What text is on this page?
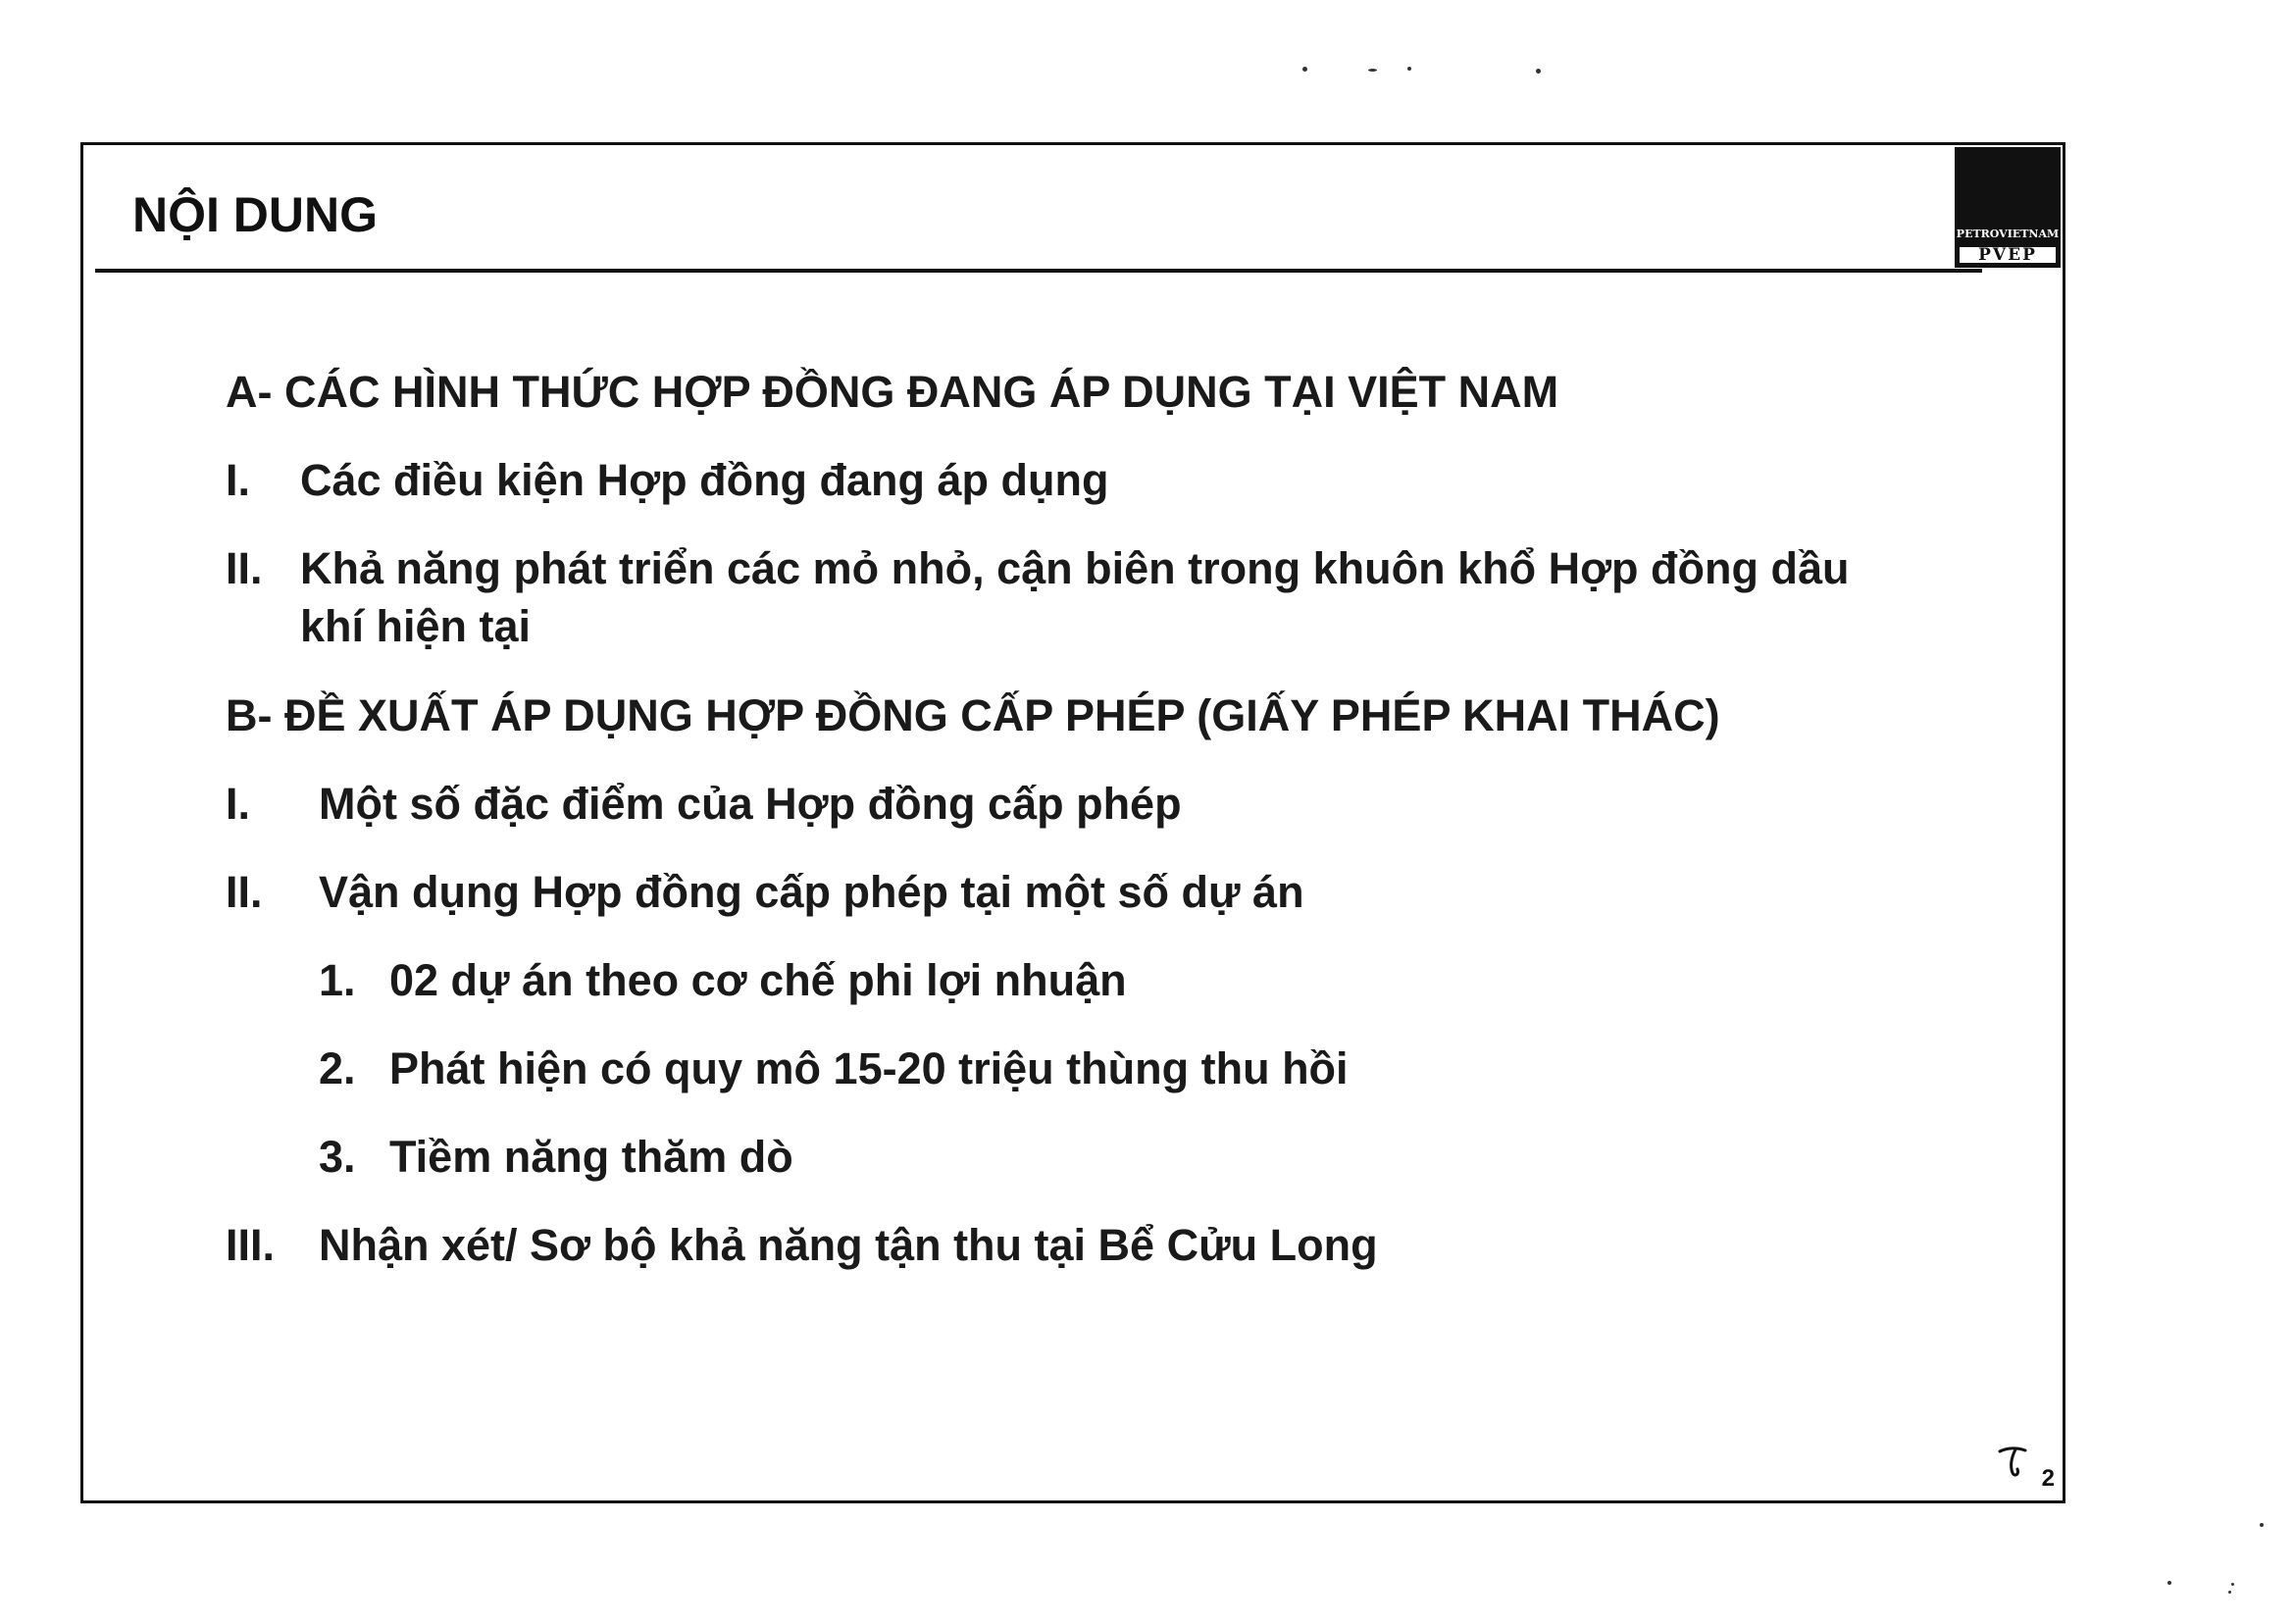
NỘI DUNG	PETROVIETNAM
PVEP
A- CÁC HÌNH THỨC HỢP ĐỒNG ĐANG ÁP DỤNG TẠI VIỆT NAM
I. Các điều kiện Hợp đồng đang áp dụng
II. Khả năng phát triển các mỏ nhỏ, cận biên trong khuôn khổ Hợp đồng dầu
khí hiện tại
B- ĐỀ XUẤT ÁP DỤNG HỢP ĐỒNG CẤP PHÉP (GIẤY PHÉP KHAI THÁC)
I. Một số đặc điểm của Hợp đồng cấp phép
II. Vận dụng Hợp đồng cấp phép tại một số dự án
1. 02 dự án theo cơ chế phi lợi nhuận
2. Phát hiện có quy mô 15-20 triệu thùng thu hồi
3. Tiềm năng thăm dò
III. Nhận xét/ Sơ bộ khả năng tận thu tại Bể Cửu Long
2
